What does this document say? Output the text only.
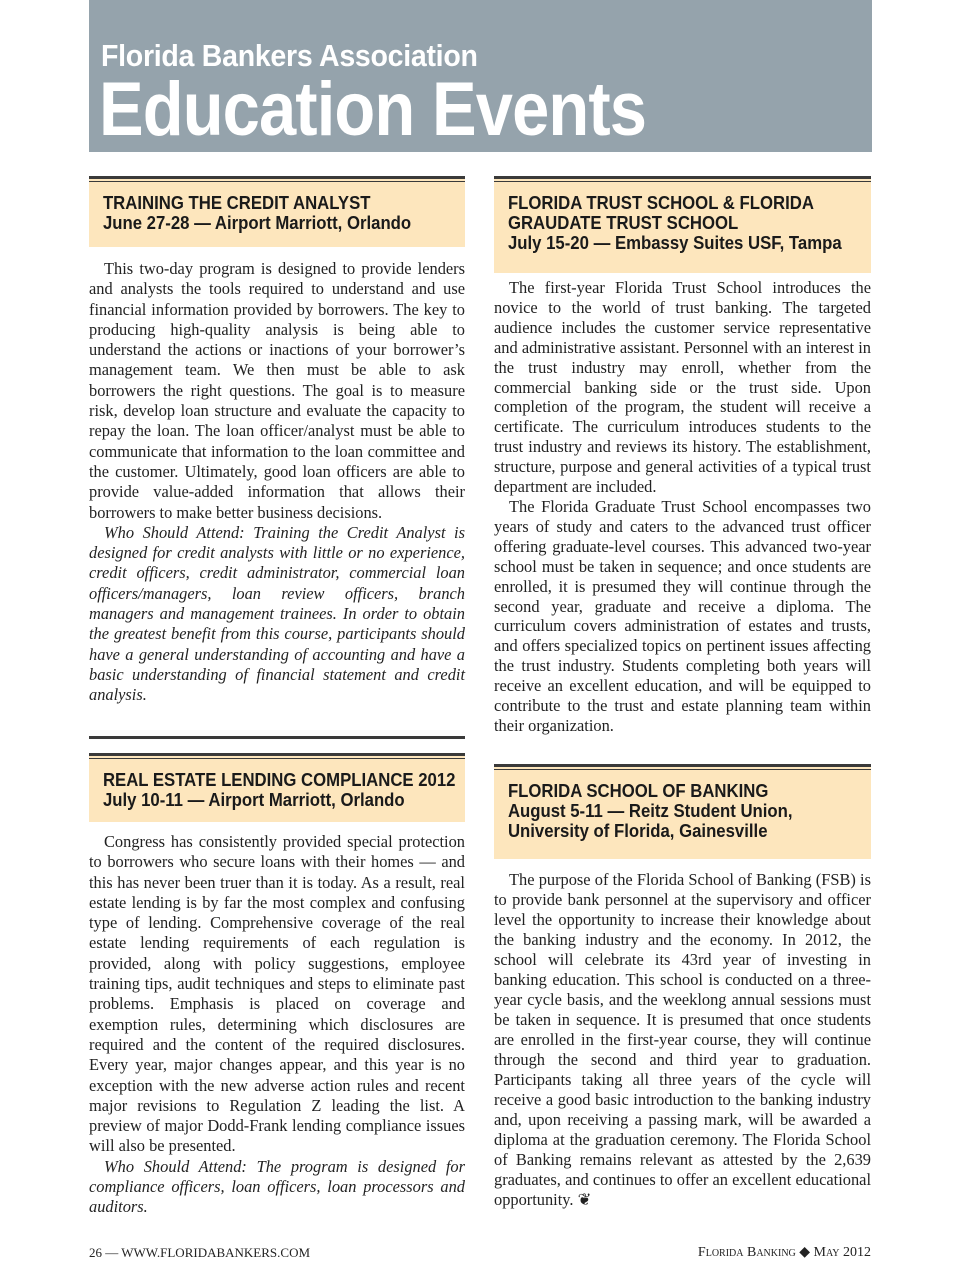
Florida Bankers Association
Education Events
TRAINING THE CREDIT ANALYST
June 27-28 — Airport Marriott, Orlando

This two-day program is designed to provide lenders and analysts the tools required to understand and use financial information provided by borrowers. The key to producing high-quality analysis is being able to understand the actions or inactions of your borrower’s management team. We then must be able to ask borrowers the right questions. The goal is to measure risk, develop loan structure and evaluate the capacity to repay the loan. The loan officer/analyst must be able to communicate that information to the loan committee and the customer. Ultimately, good loan officers are able to provide value-added information that allows their borrowers to make better business decisions.

Who Should Attend: Training the Credit Analyst is designed for credit analysts with little or no experience, credit officers, credit administrator, commercial loan officers/managers, loan review officers, branch managers and management trainees. In order to obtain the greatest benefit from this course, participants should have a general understanding of accounting and have a basic understanding of financial statement and credit analysis.

REAL ESTATE LENDING COMPLIANCE 2012
July 10-11 — Airport Marriott, Orlando

Congress has consistently provided special protection to borrowers who secure loans with their homes — and this has never been truer than it is today. As a result, real estate lending is by far the most complex and confusing type of lending. Comprehensive coverage of the real estate lending requirements of each regulation is provided, along with policy suggestions, employee training tips, audit techniques and steps to eliminate past problems. Emphasis is placed on coverage and exemption rules, determining which disclosures are required and the content of the required disclosures. Every year, major changes appear, and this year is no exception with the new adverse action rules and recent major revisions to Regulation Z leading the list. A preview of major Dodd-Frank lending compliance issues will also be presented.

Who Should Attend: The program is designed for compliance officers, loan officers, loan processors and auditors.

FLORIDA TRUST SCHOOL & FLORIDA
GRAUDATE TRUST SCHOOL
July 15-20 — Embassy Suites USF, Tampa

The first-year Florida Trust School introduces the novice to the world of trust banking. The targeted audience includes the customer service representative and administrative assistant. Personnel with an interest in the trust industry may enroll, whether from the commercial banking side or the trust side. Upon completion of the program, the student will receive a certificate. The curriculum introduces students to the trust industry and reviews its history. The establishment, structure, purpose and general activities of a typical trust department are included.

The Florida Graduate Trust School encompasses two years of study and caters to the advanced trust officer offering graduate-level courses. This advanced two-year school must be taken in sequence; and once students are enrolled, it is presumed they will continue through the second year, graduate and receive a diploma. The curriculum covers administration of estates and trusts, and offers specialized topics on pertinent issues affecting the trust industry. Students completing both years will receive an excellent education, and will be equipped to contribute to the trust and estate planning team within their organization.

FLORIDA SCHOOL OF BANKING
August 5-11 — Reitz Student Union,
University of Florida, Gainesville

The purpose of the Florida School of Banking (FSB) is to provide bank personnel at the supervisory and officer level the opportunity to increase their knowledge about the banking industry and the economy. In 2012, the school will celebrate its 43rd year of investing in banking education. This school is conducted on a three-year cycle basis, and the weeklong annual sessions must be taken in sequence. It is presumed that once students are enrolled in the first-year course, they will continue through the second and third year to graduation. Participants taking all three years of the cycle will receive a good basic introduction to the banking industry and, upon receiving a passing mark, will be awarded a diploma at the graduation ceremony. The Florida School of Banking remains relevant as attested by the 2,639 graduates, and continues to offer an excellent educational opportunity. ❦

26 — WWW.FLORIDABANKERS.COM	Florida Banking ◆ May 2012
